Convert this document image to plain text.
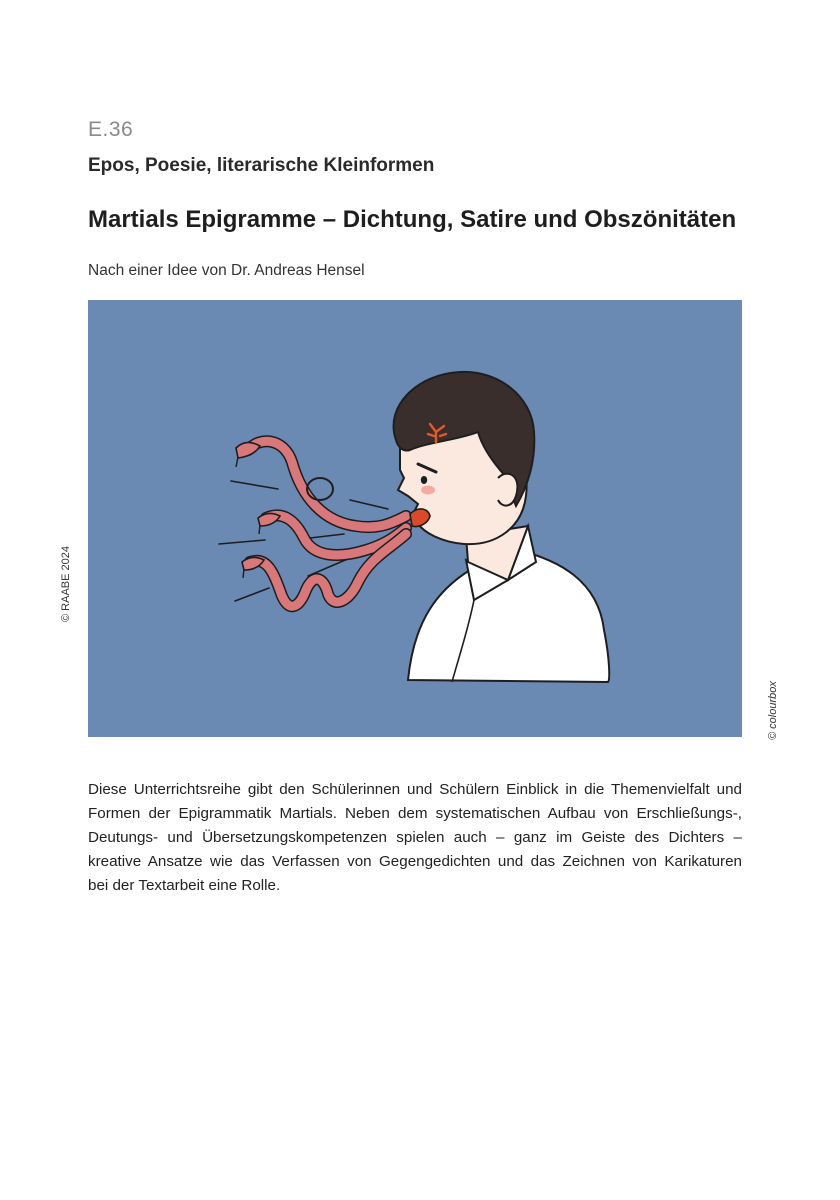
E.36
Epos, Poesie, literarische Kleinformen
Martials Epigramme – Dichtung, Satire und Obszönitäten
Nach einer Idee von Dr. Andreas Hensel
© RAABE 2024
© colourbox
Diese Unterrichtsreihe gibt den Schülerinnen und Schülern Einblick in die Themenvielfalt und
Formen der Epigrammatik Martials. Neben dem systematischen Aufbau von Erschließungs-,
Deutungs- und Übersetzungskompetenzen spielen auch – ganz im Geiste des Dichters –
kreative Ansatze wie das Verfassen von Gegengedichten und das Zeichnen von Karikaturen
bei der Textarbeit eine Rolle.
